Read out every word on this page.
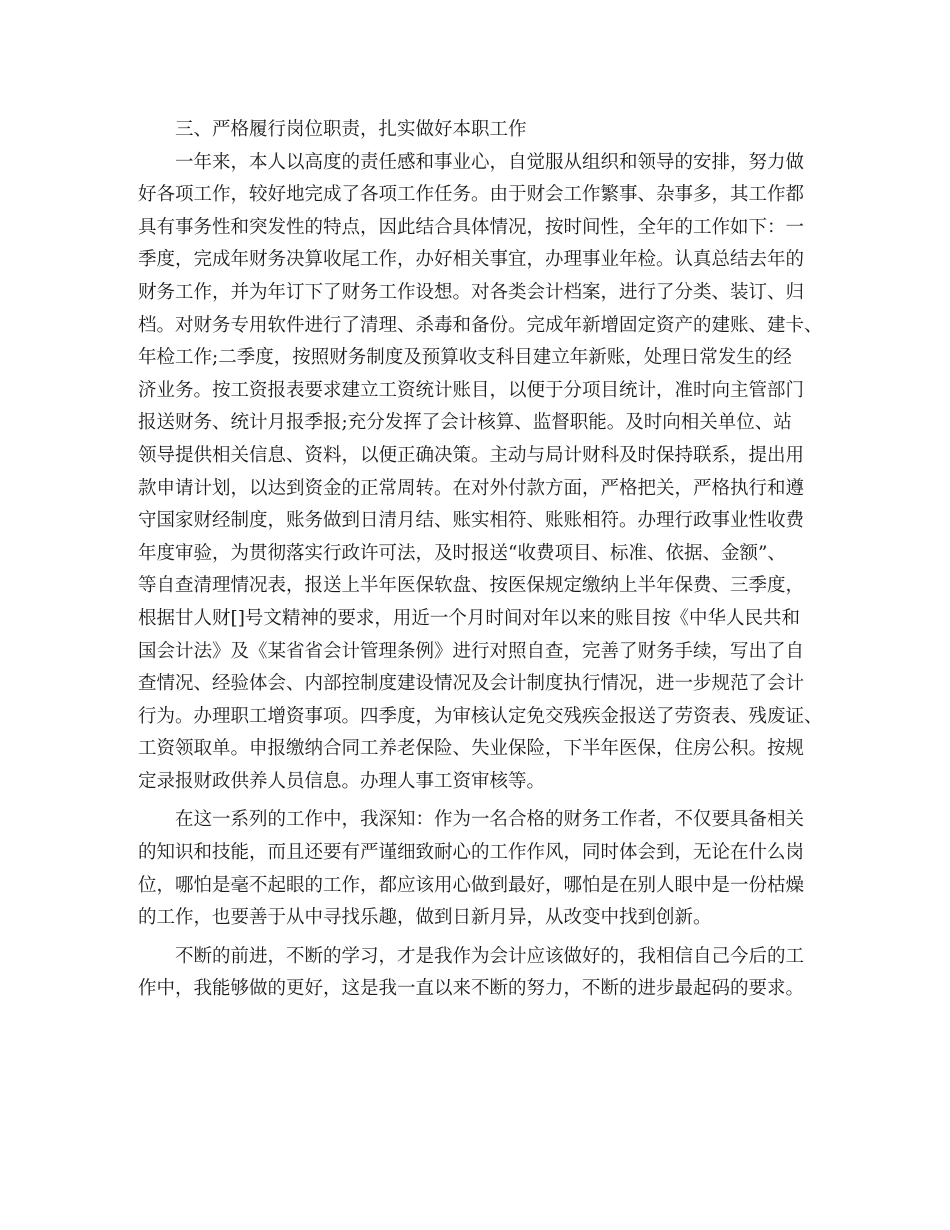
三、严格履行岗位职责，扎实做好本职工作
一年来，本人以高度的责任感和事业心，自觉服从组织和领导的安排，努力做
好各项工作，较好地完成了各项工作任务。由于财会工作繁事、杂事多，其工作都
具有事务性和突发性的特点，因此结合具体情况，按时间性，全年的工作如下：一
季度，完成年财务决算收尾工作，办好相关事宜，办理事业年检。认真总结去年的
财务工作，并为年订下了财务工作设想。对各类会计档案，进行了分类、装订、归
档。对财务专用软件进行了清理、杀毒和备份。完成年新增固定资产的建账、建卡、
年检工作;二季度，按照财务制度及预算收支科目建立年新账，处理日常发生的经
济业务。按工资报表要求建立工资统计账目，以便于分项目统计，准时向主管部门
报送财务、统计月报季报;充分发挥了会计核算、监督职能。及时向相关单位、站
领导提供相关信息、资料，以便正确决策。主动与局计财科及时保持联系，提出用
款申请计划，以达到资金的正常周转。在对外付款方面，严格把关，严格执行和遵
守国家财经制度，账务做到日清月结、账实相符、账账相符。办理行政事业性收费
年度审验，为贯彻落实行政许可法，及时报送“收费项目、标准、依据、金额”、
等自查清理情况表，报送上半年医保软盘、按医保规定缴纳上半年保费、三季度，
根据甘人财[]号文精神的要求，用近一个月时间对年以来的账目按《中华人民共和
国会计法》及《某省省会计管理条例》进行对照自查，完善了财务手续，写出了自
查情况、经验体会、内部控制度建设情况及会计制度执行情况，进一步规范了会计
行为。办理职工增资事项。四季度，为审核认定免交残疾金报送了劳资表、残废证、
工资领取单。申报缴纳合同工养老保险、失业保险，下半年医保，住房公积。按规
定录报财政供养人员信息。办理人事工资审核等。
在这一系列的工作中，我深知：作为一名合格的财务工作者，不仅要具备相关
的知识和技能，而且还要有严谨细致耐心的工作作风，同时体会到，无论在什么岗
位，哪怕是毫不起眼的工作，都应该用心做到最好，哪怕是在别人眼中是一份枯燥
的工作，也要善于从中寻找乐趣，做到日新月异，从改变中找到创新。
不断的前进，不断的学习，才是我作为会计应该做好的，我相信自己今后的工
作中，我能够做的更好，这是我一直以来不断的努力，不断的进步最起码的要求。
